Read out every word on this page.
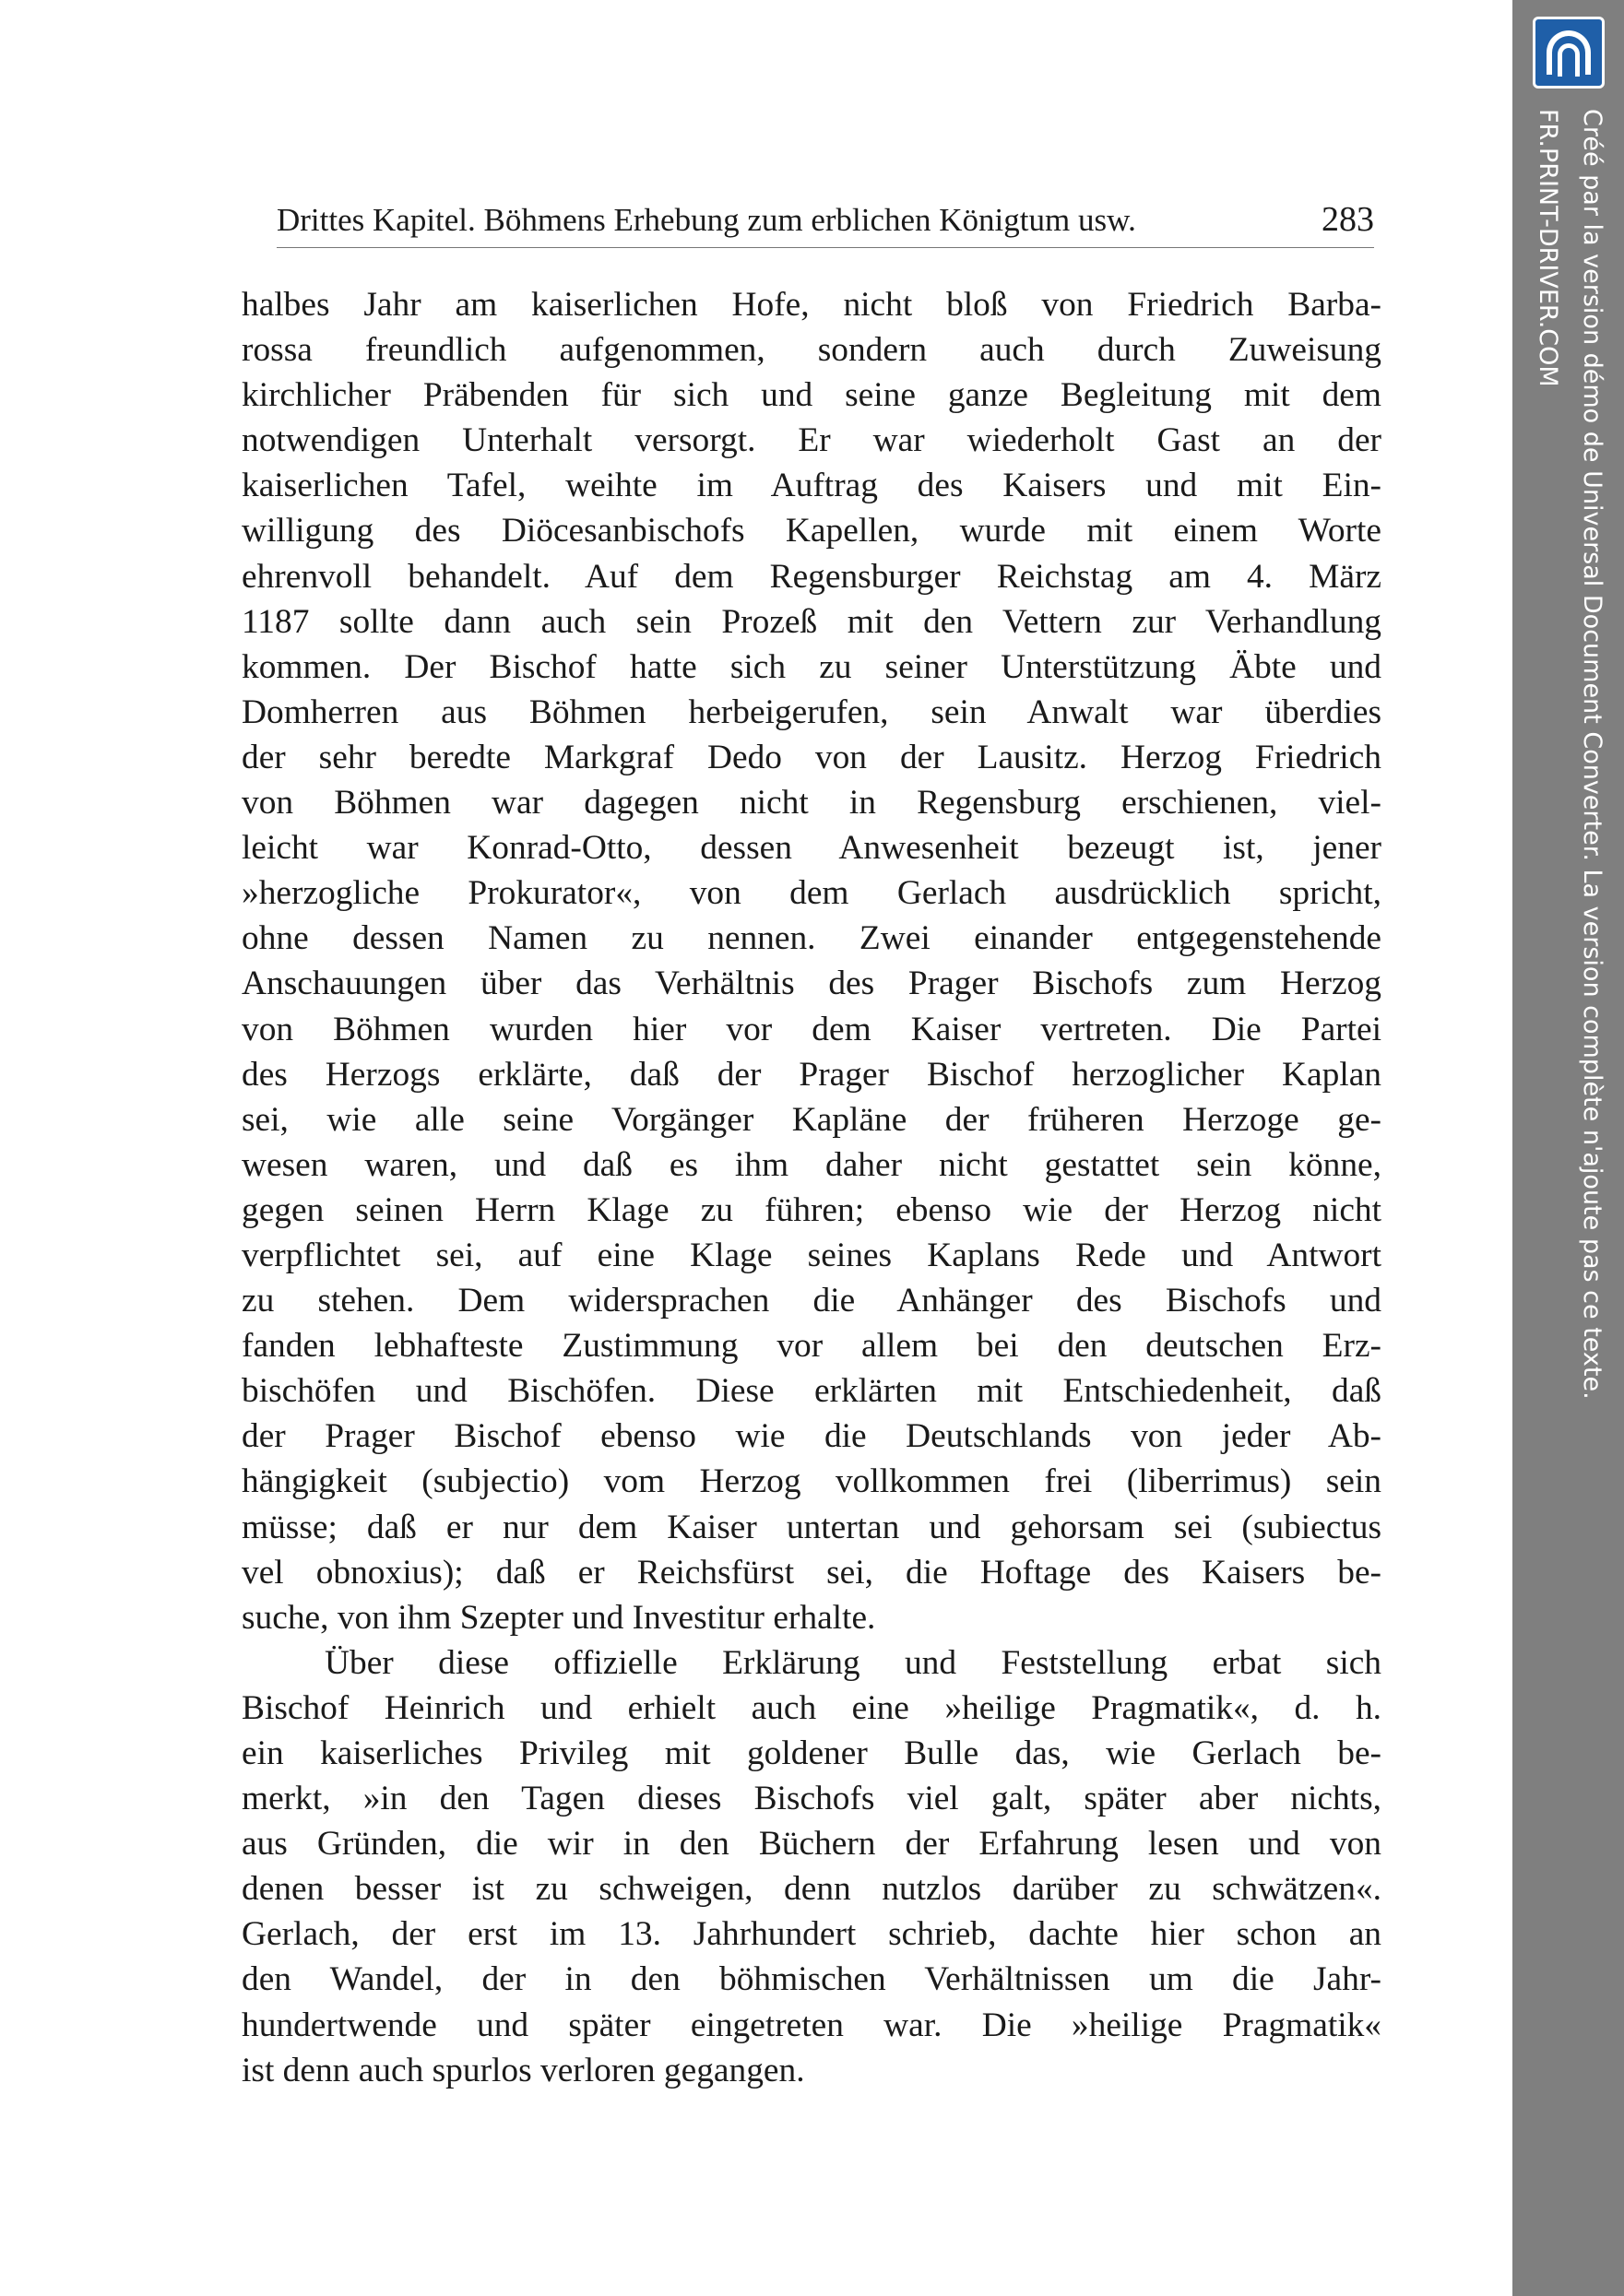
Drittes Kapitel. Böhmens Erhebung zum erblichen Königtum usw.	283
halbes Jahr am kaiserlichen Hofe, nicht bloß von Friedrich Barba-
rossa freundlich aufgenommen, sondern auch durch Zuweisung
kirchlicher Präbenden für sich und seine ganze Begleitung mit dem
notwendigen Unterhalt versorgt. Er war wiederholt Gast an der
kaiserlichen Tafel, weihte im Auftrag des Kaisers und mit Ein-
willigung des Diöcesanbischofs Kapellen, wurde mit einem Worte
ehrenvoll behandelt. Auf dem Regensburger Reichstag am 4. März
1187 sollte dann auch sein Prozeß mit den Vettern zur Verhandlung
kommen. Der Bischof hatte sich zu seiner Unterstützung Äbte und
Domherren aus Böhmen herbeigerufen, sein Anwalt war überdies
der sehr beredte Markgraf Dedo von der Lausitz. Herzog Friedrich
von Böhmen war dagegen nicht in Regensburg erschienen, viel-
leicht war Konrad-Otto, dessen Anwesenheit bezeugt ist, jener
»herzogliche Prokurator«, von dem Gerlach ausdrücklich spricht,
ohne dessen Namen zu nennen. Zwei einander entgegenstehende
Anschauungen über das Verhältnis des Prager Bischofs zum Herzog
von Böhmen wurden hier vor dem Kaiser vertreten. Die Partei
des Herzogs erklärte, daß der Prager Bischof herzoglicher Kaplan
sei, wie alle seine Vorgänger Kapläne der früheren Herzoge ge-
wesen waren, und daß es ihm daher nicht gestattet sein könne,
gegen seinen Herrn Klage zu führen; ebenso wie der Herzog nicht
verpflichtet sei, auf eine Klage seines Kaplans Rede und Antwort
zu stehen. Dem widersprachen die Anhänger des Bischofs und
fanden lebhafteste Zustimmung vor allem bei den deutschen Erz-
bischöfen und Bischöfen. Diese erklärten mit Entschiedenheit, daß
der Prager Bischof ebenso wie die Deutschlands von jeder Ab-
hängigkeit (subjectio) vom Herzog vollkommen frei (liberrimus) sein
müsse; daß er nur dem Kaiser untertan und gehorsam sei (subiectus
vel obnoxius); daß er Reichsfürst sei, die Hoftage des Kaisers be-
suche, von ihm Szepter und Investitur erhalte.
Über diese offizielle Erklärung und Feststellung erbat sich
Bischof Heinrich und erhielt auch eine »heilige Pragmatik«, d. h.
ein kaiserliches Privileg mit goldener Bulle das, wie Gerlach be-
merkt, »in den Tagen dieses Bischofs viel galt, später aber nichts,
aus Gründen, die wir in den Büchern der Erfahrung lesen und von
denen besser ist zu schweigen, denn nutzlos darüber zu schwätzen«.
Gerlach, der erst im 13. Jahrhundert schrieb, dachte hier schon an
den Wandel, der in den böhmischen Verhältnissen um die Jahr-
hundertwende und später eingetreten war. Die »heilige Pragmatik«
ist denn auch spurlos verloren gegangen.
Créé par la version démo de Universal Document Converter. La version complète n'ajoute pas ce texte.
FR.PRINT-DRIVER.COM
